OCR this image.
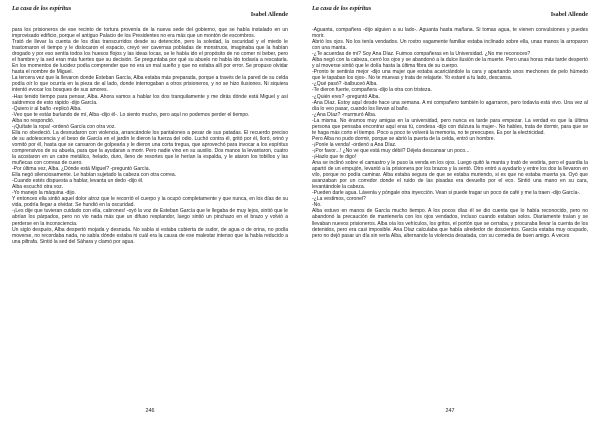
La casa de los espíritus
Isabel Allende

para los prisioneros de ese recinto de tortura provenía de la nueva sede del gobierno, que se había instalado en un improvisado edificio, porque el antiguo Palacio de los Presidentes no era más que un montón de escombros.

Trató de llevar la cuenta de los días transcurridos desde su detención, pero la soledad, la oscuridad y el miedo le trastornaron el tiempo y le dislocaron el espacio, creyó ver cavernas pobladas de monstruos, imaginaba que la habían drogado y por eso sentía todos los huesos flojos y las ideas locas, se le había ido el propósito de no comer ni beber, pero el hambre y la sed eran más fuertes que su decisión. Se preguntaba por qué su abuelo no había ido todavía a rescatarla. En los momentos de lucidez podía comprender que no era un mal sueño y que no estaba allí por error. Se propuso olvidar hasta el nombre de Miguel.

La tercera vez que la llevaron donde Esteban García, Alba estaba más preparada, porque a través de la pared de su celda podía oír lo que ocurría en la pieza de al lado, donde interrogaban a otros prisioneros, y no se hizo ilusiones. Ni siquiera intentó evocar los bosques de sus amores.

-Has tenido tiempo para pensar, Alba. Ahora vamos a hablar los dos tranquilamente y me dirás dónde está Miguel y así saldremos de esto rápido -dijo García.

-Quiero ir al baño -replicó Alba.

-Veo que te estás burlando de mí, Alba -dijo él-. Lo siento mucho, pero aquí no podemos perder el tiempo.

Alba no respondió.

-¡Quítate la ropa! -ordenó García con otra voz.

Ella no obedeció. La desnudaron con violencia, arrancándole los pantalones a pesar de sus patadas. El recuerdo preciso de su adolescencia y el beso de García en el jardín le dieron la fuerza del odio. Luchó contra él, gritó por él, lloró, orinó y vomitó por él, hasta que se cansaron de golpearla y le dieron una corta tregua, que aprovechó para invocar a los espíritus comprensivos de su abuela, para que la ayudaran a morir. Pero nadie vino en su auxilio. Dos manos la levantaron, cuatro la acostaron en un catre metálico, helado, duro, lleno de resortes que le herían la espalda, y le ataron los tobillos y las muñecas con correas de cuero.

-Por última vez, Alba. ¿Dónde está Miguel? -preguntó García.

Ella negó silenciosamente. Le habían sujetado la cabeza con otra correa.

-Cuando estés dispuesta a hablar, levanta un dedo -dijo él.

Alba escuchó otra voz.

-Yo manejo la máquina -dijo.

Y entonces ella sintió aquel dolor atroz que le recorrió el cuerpo y la ocupó completamente y que nunca, en los días de su vida, podría llegar a olvidar. Se hundió en la oscuridad.

-¡Les dije que tuvieran cuidado con ella, cabrones! -oyó la voz de Esteban García que le llegaba de muy lejos, sintió que le abrían los párpados, pero no vio nada más que un difuso resplandor, luego sintió un pinchazo en el brazo y volvió a perderse en la inconsciencia.

Un siglo después, Alba despertó mojada y desnuda. No sabía si estaba cubierta de sudor, de agua o de orina, no podía moverse, no recordaba nada, no sabía dónde estaba ni cuál era la causa de ese malestar intenso que la había reducido a una piltrafa. Sintió la sed del Sáhara y clamó por agua.

246
La casa de los espíritus
Isabel Allende

-Aguanta, compañera -dijo alguien a su lado-. Aguanta hasta mañana. Si tomas agua, te vienen convulsiones y puedes morir.

Abrió los ojos. No los tenía vendados. Un rostro vagamente familiar estaba inclinado sobre ella, unas manos la arroparon con una manta.

-¿Te acuerdas de mí? Soy Ana Díaz. Fuimos compañeras en la Universidad. ¿No me reconoces?

Alba negó con la cabeza, cerró los ojos y se abandonó a la dulce ilusión de la muerte. Pero unas horas más tarde despertó y al moverse sintió que le dolía hasta la última fibra de su cuerpo.

-Pronto te sentirás mejor -dijo una mujer que estaba acariciándole la cara y apartando unos mechones de pelo húmedo que le tapaban los ojos-. No te muevas y trata de relajarte. Yo estaré a tu lado, descansa.

-¿Qué pasó? -balbuceó Alba.

-Te dieron fuerte, compañera -dijo la otra con tristeza.

-¿Quién eres? -preguntó Alba.

-Ana Díaz. Estoy aquí desde hace una semana. A mi compañero también lo agarraron, pero todavía está vivo. Una vez al día lo veo pasar, cuando los llevan al baño.

-¿Ana Díaz? -murmuró Alba.

-La misma. No éramos muy amigas en la universidad, pero nunca es tarde para empezar. La verdad es que la última persona que pensaba encontrar aquí eras tú, condesa -dijo con dulzura la mujer-. No hables, trata de dormir, para que se te haga más corto el tiempo. Poco a poco te volverá la memoria, no te preocupes. Es por la electricidad.

Pero Alba no pudo dormir, porque se abrió la puerta de la celda, entró un hombre.

-¡Ponle la venda! -ordenó a Ana Díaz.

-¡Por favor...! ¿No ve que está muy débil? Déjela descansar un poco...

-¡Hazlo que te digo!

Ana se inclinó sobre el camastro y le puso la venda en los ojos. Luego quitó la manta y trató de vestirla, pero el guardia la apartó de un empujón, levantó a la prisionera por los brazos y la sentó. Otro entró a ayudarlo y entre los dos la llevaron en vilo, porque no podía caminar. Alba estaba segura de que se estaba muriendo, si es que no estaba muerta ya. Oyó que avanzaban por un corredor donde el ruido de las pisadas era devuelto por el eco. Sintió una mano en su cara, levantándole la cabeza.

-Pueden darle agua. Lávenla y póngale otra inyección. Vean si puede tragar un poco de café y me la traen -dijo García-.

-¿La vestimos, coronel?

-No.

Alba estuvo en manos de García mucho tiempo. A los pocos días él se dio cuenta que lo había reconocido, pero no abandonó la precaución de mantenerla con los ojos vendados, incluso cuando estaban solos. Diariamente traían y se llevaban nuevos prisioneros. Alba oía los vehículos, los gritos, el portón que se cerraba, y procuraba llevar la cuenta de los detenidos, pero era casi imposible. Ana Díaz calculaba que había alrededor de doscientos. García estaba muy ocupado, pero no dejó pasar un día sin verla Alba, alternando la violencia desatada, con su comedia de buen amigo. A veces

247
